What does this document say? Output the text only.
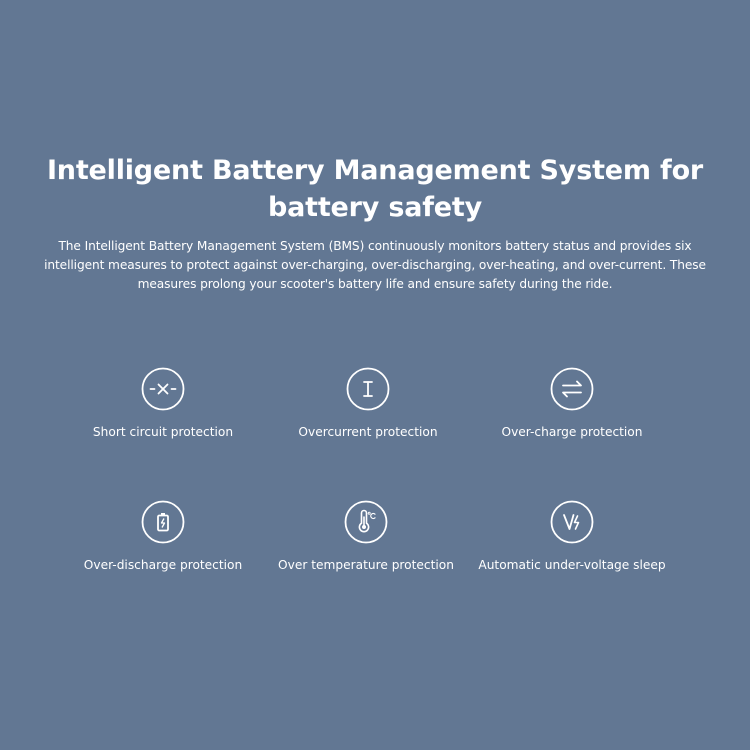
Intelligent Battery Management System for battery safety

The Intelligent Battery Management System (BMS) continuously monitors battery status and provides six intelligent measures to protect against over-charging, over-discharging, over-heating, and over-current. These measures prolong your scooter's battery life and ensure safety during the ride.

Short circuit protection	Overcurrent protection	Over-charge protection
Over-discharge protection	Over temperature protection	Automatic under-voltage sleep
